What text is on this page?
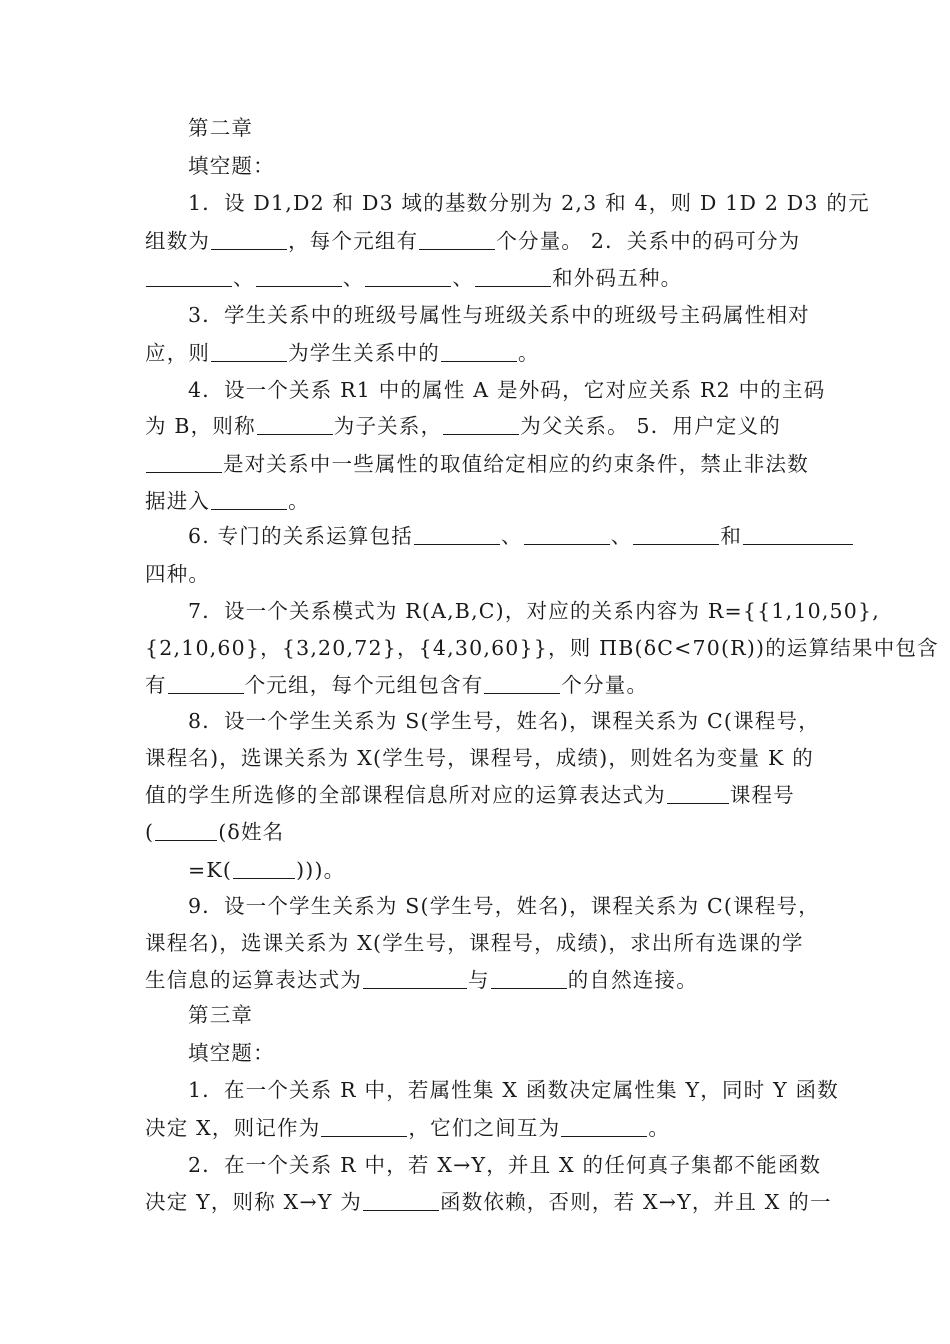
第二章
填空题：
1．设 D1,D2 和 D3 域的基数分别为 2,3 和 4，则 D 1D 2 D3 的元
组数为	，每个元组有	个分量。 2．关系中的码可分为
、	、	、	和外码五种。
3．学生关系中的班级号属性与班级关系中的班级号主码属性相对
应，则	为学生关系中的	。
4．设一个关系 R1 中的属性 A 是外码，它对应关系 R2 中的主码
为 B，则称	为子关系，	为父关系。 5．用户定义的
是对关系中一些属性的取值给定相应的约束条件，禁止非法数
据进入	。
6. 专门的关系运算包括	、	、	和
四种。
7．设一个关系模式为 R(A,B,C)，对应的关系内容为 R={{1,10,50},
{2,10,60}，{3,20,72}，{4,30,60}}，则 ΠB(δC<70(R))的运算结果中包含
有	个元组，每个元组包含有	个分量。
8．设一个学生关系为 S(学生号，姓名)，课程关系为 C(课程号，
课程名)，选课关系为 X(学生号，课程号，成绩)，则姓名为变量 K 的
值的学生所选修的全部课程信息所对应的运算表达式为	课程号
(	(δ姓名
=K(	)))。
9．设一个学生关系为 S(学生号，姓名)，课程关系为 C(课程号，
课程名)，选课关系为 X(学生号，课程号，成绩)，求出所有选课的学
生信息的运算表达式为	与	的自然连接。
第三章
填空题：
1．在一个关系 R 中，若属性集 X 函数决定属性集 Y，同时 Y 函数
决定 X，则记作为	，它们之间互为	。
2．在一个关系 R 中，若 X→Y，并且 X 的任何真子集都不能函数
决定 Y，则称 X→Y 为	函数依赖，否则，若 X→Y，并且 X 的一
